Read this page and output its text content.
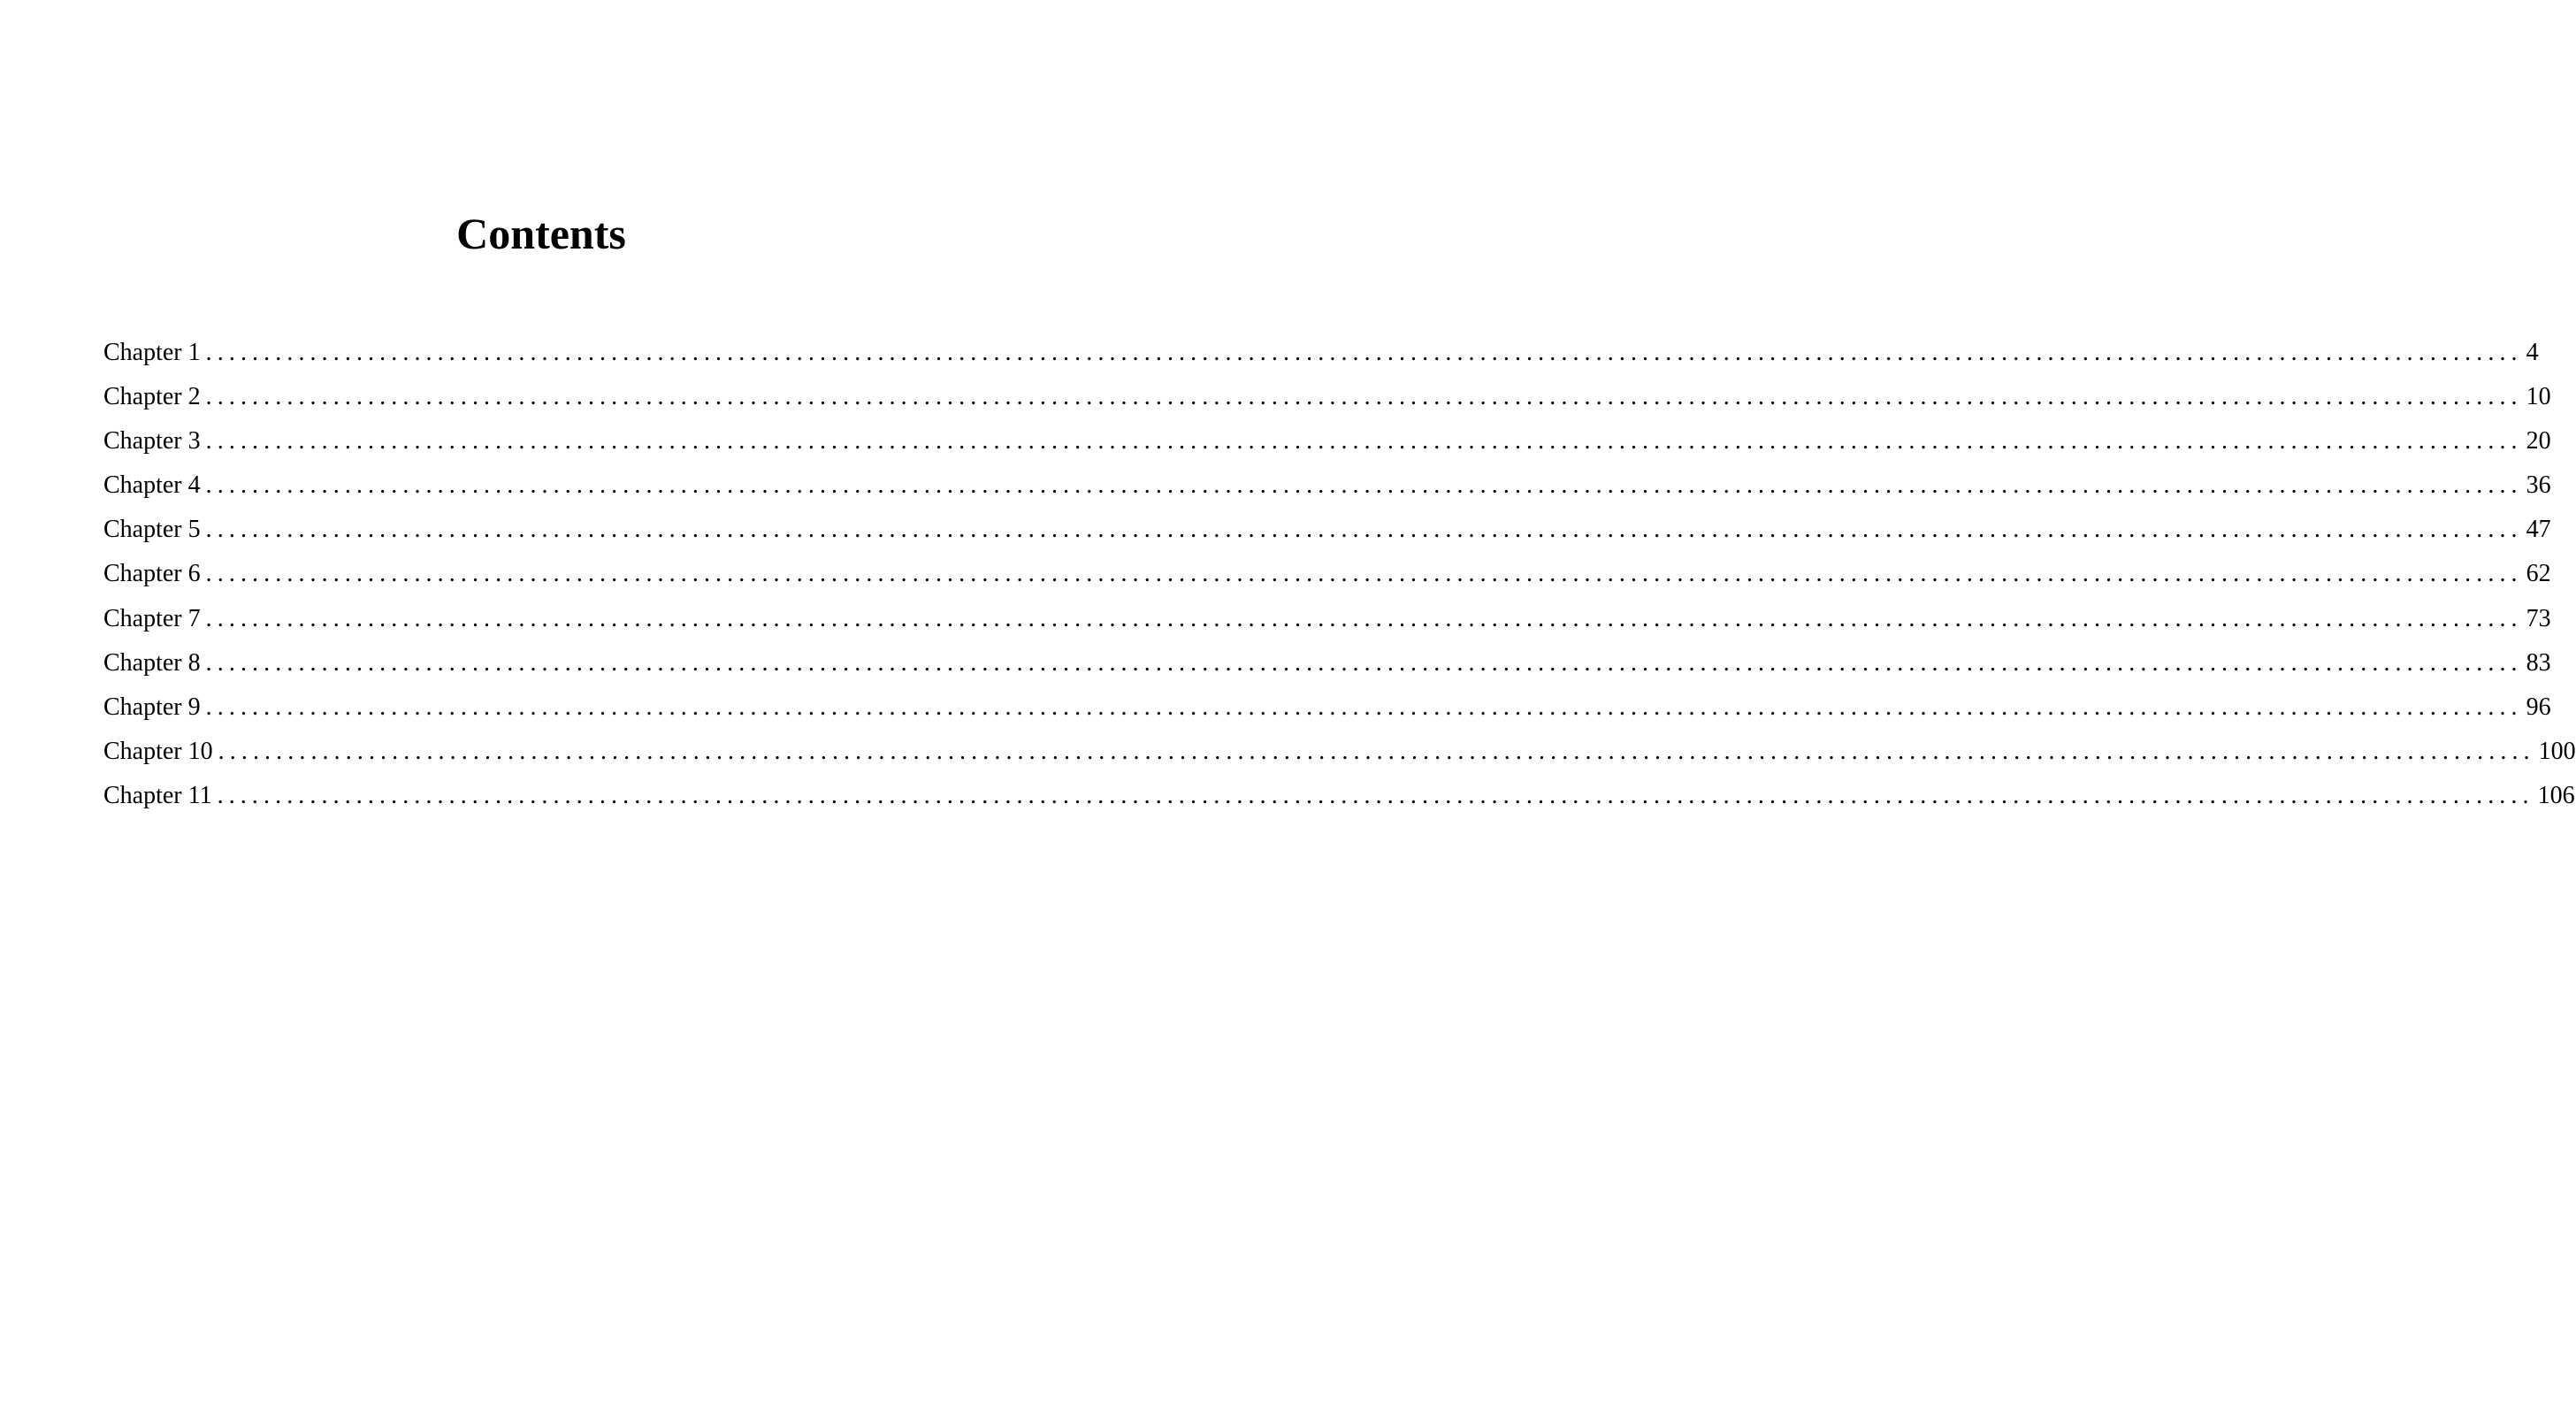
Contents
Chapter 1 ........................................................................................................................................................................................................ 4
Chapter 2 ........................................................................................................................................................................................................ 10
Chapter 3 ........................................................................................................................................................................................................ 20
Chapter 4 ........................................................................................................................................................................................................ 36
Chapter 5 ........................................................................................................................................................................................................ 47
Chapter 6 ........................................................................................................................................................................................................ 62
Chapter 7 ........................................................................................................................................................................................................ 73
Chapter 8 ........................................................................................................................................................................................................ 83
Chapter 9 ........................................................................................................................................................................................................ 96
Chapter 10 ........................................................................................................................................................................................................ 100
Chapter 11 ........................................................................................................................................................................................................ 106
